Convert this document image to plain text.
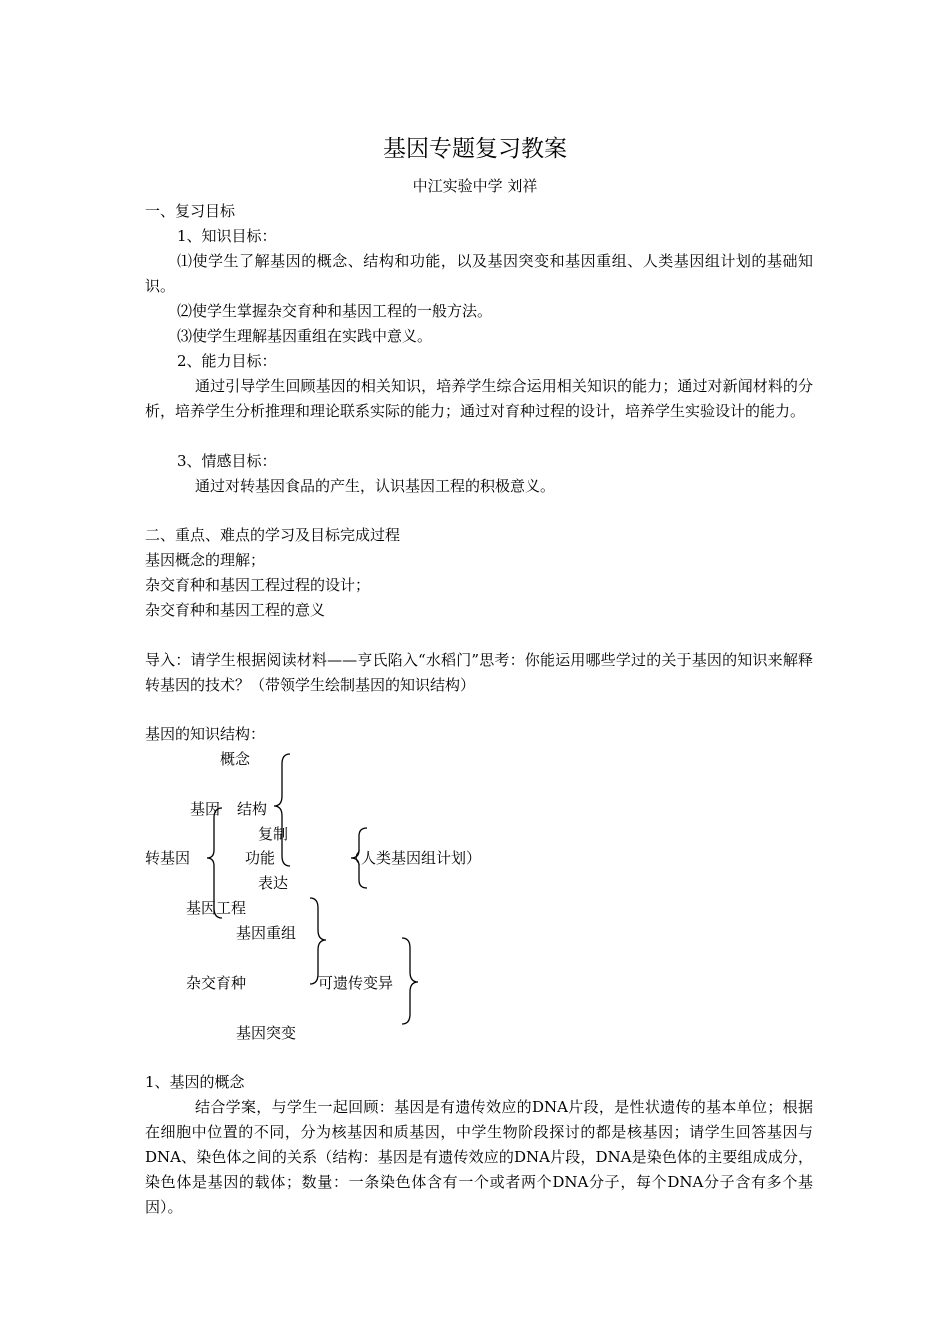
基因专题复习教案
中江实验中学 刘祥
一、复习目标
1、知识目标：
⑴使学生了解基因的概念、结构和功能，以及基因突变和基因重组、人类基因组计划的基础知识。
⑵使学生掌握杂交育种和基因工程的一般方法。
⑶使学生理解基因重组在实践中意义。
2、能力目标：
通过引导学生回顾基因的相关知识，培养学生综合运用相关知识的能力；通过对新闻材料的分析，培养学生分析推理和理论联系实际的能力；通过对育种过程的设计，培养学生实验设计的能力。
3、情感目标：
通过对转基因食品的产生，认识基因工程的积极意义。
二、重点、难点的学习及目标完成过程
基因概念的理解；
杂交育种和基因工程过程的设计；
杂交育种和基因工程的意义
导入：请学生根据阅读材料——亨氏陷入“水稻门”思考：你能运用哪些学过的关于基因的知识来解释转基因的技术？（带领学生绘制基因的知识结构）
基因的知识结构：
概念
基因 结构
复制
转基因	功能	（人类基因组计划）
表达
基因工程
基因重组
杂交育种	可遗传变异
基因突变
1、基因的概念
结合学案，与学生一起回顾：基因是有遗传效应的DNA片段，是性状遗传的基本单位；根据在细胞中位置的不同，分为核基因和质基因，中学生物阶段探讨的都是核基因；请学生回答基因与DNA、染色体之间的关系（结构：基因是有遗传效应的DNA片段，DNA是染色体的主要组成成分，染色体是基因的载体；数量：一条染色体含有一个或者两个DNA分子，每个DNA分子含有多个基因）。
